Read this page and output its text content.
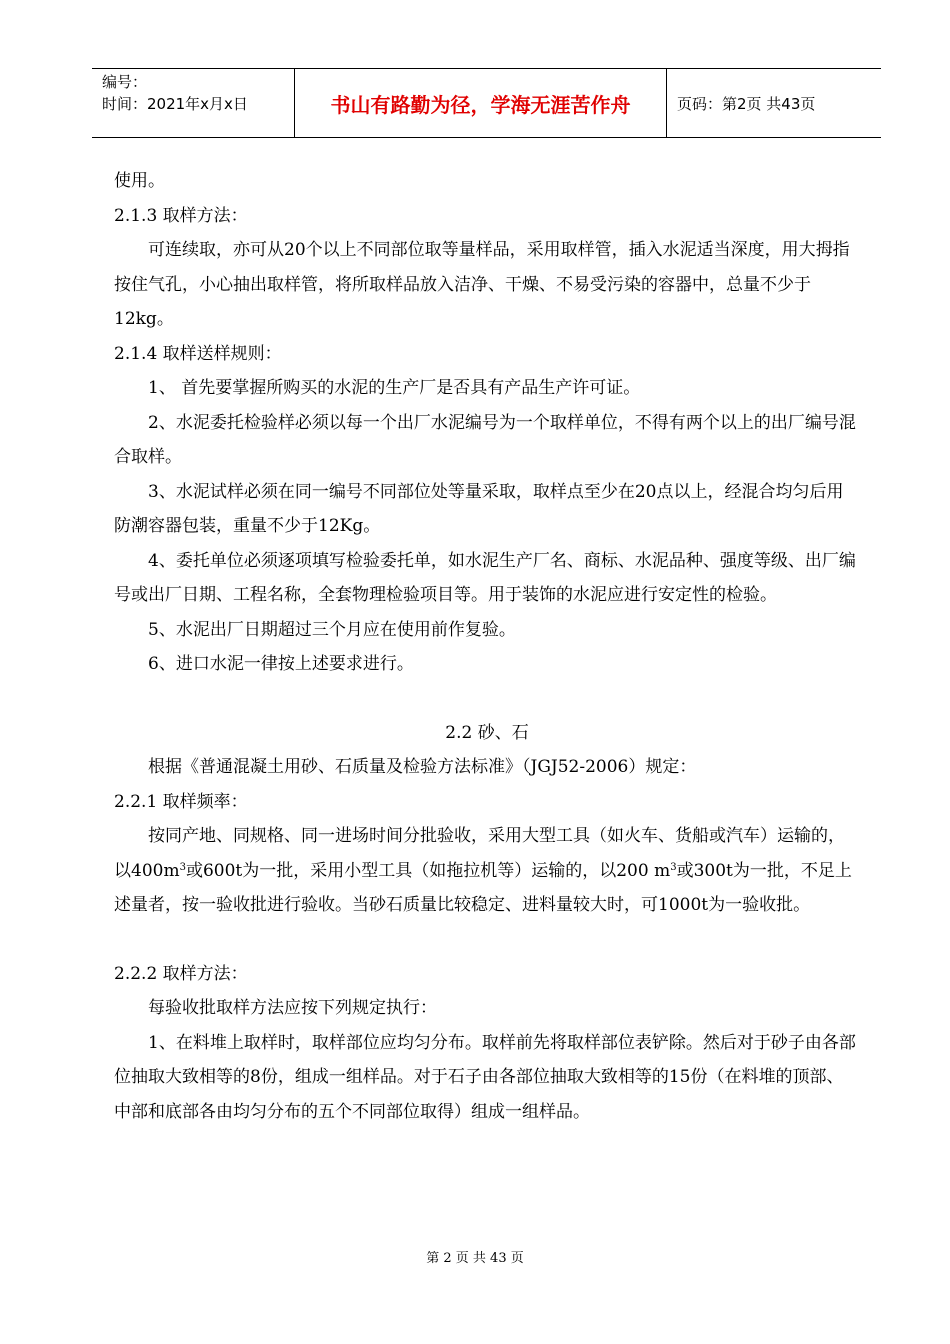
编号：
时间：2021年x月x日	书山有路勤为径，学海无涯苦作舟	页码：第2页 共43页

使用。

2.1.3 取样方法：

可连续取，亦可从20个以上不同部位取等量样品，采用取样管，插入水泥适当深度，用大拇指按住气孔，小心抽出取样管，将所取样品放入洁净、干燥、不易受污染的容器中，总量不少于12kg。

2.1.4 取样送样规则：

1、 首先要掌握所购买的水泥的生产厂是否具有产品生产许可证。

2、水泥委托检验样必须以每一个出厂水泥编号为一个取样单位，不得有两个以上的出厂编号混合取样。

3、水泥试样必须在同一编号不同部位处等量采取，取样点至少在20点以上，经混合均匀后用防潮容器包装，重量不少于12Kg。

4、委托单位必须逐项填写检验委托单，如水泥生产厂名、商标、水泥品种、强度等级、出厂编号或出厂日期、工程名称，全套物理检验项目等。用于装饰的水泥应进行安定性的检验。

5、水泥出厂日期超过三个月应在使用前作复验。

6、进口水泥一律按上述要求进行。

2.2 砂、石

根据《普通混凝土用砂、石质量及检验方法标准》（JGJ52-2006）规定：

2.2.1 取样频率：

按同产地、同规格、同一进场时间分批验收，采用大型工具（如火车、货船或汽车）运输的，以$400m^3$或600t为一批，采用小型工具（如拖拉机等）运输的，以200 $m^3$或300t为一批，不足上述量者，按一验收批进行验收。当砂石质量比较稳定、进料量较大时，可1000t为一验收批。

2.2.2 取样方法：

每验收批取样方法应按下列规定执行：

1、在料堆上取样时，取样部位应均匀分布。取样前先将取样部位表铲除。然后对于砂子由各部位抽取大致相等的8份，组成一组样品。对于石子由各部位抽取大致相等的15份（在料堆的顶部、中部和底部各由均匀分布的五个不同部位取得）组成一组样品。

第 2 页 共 43 页
